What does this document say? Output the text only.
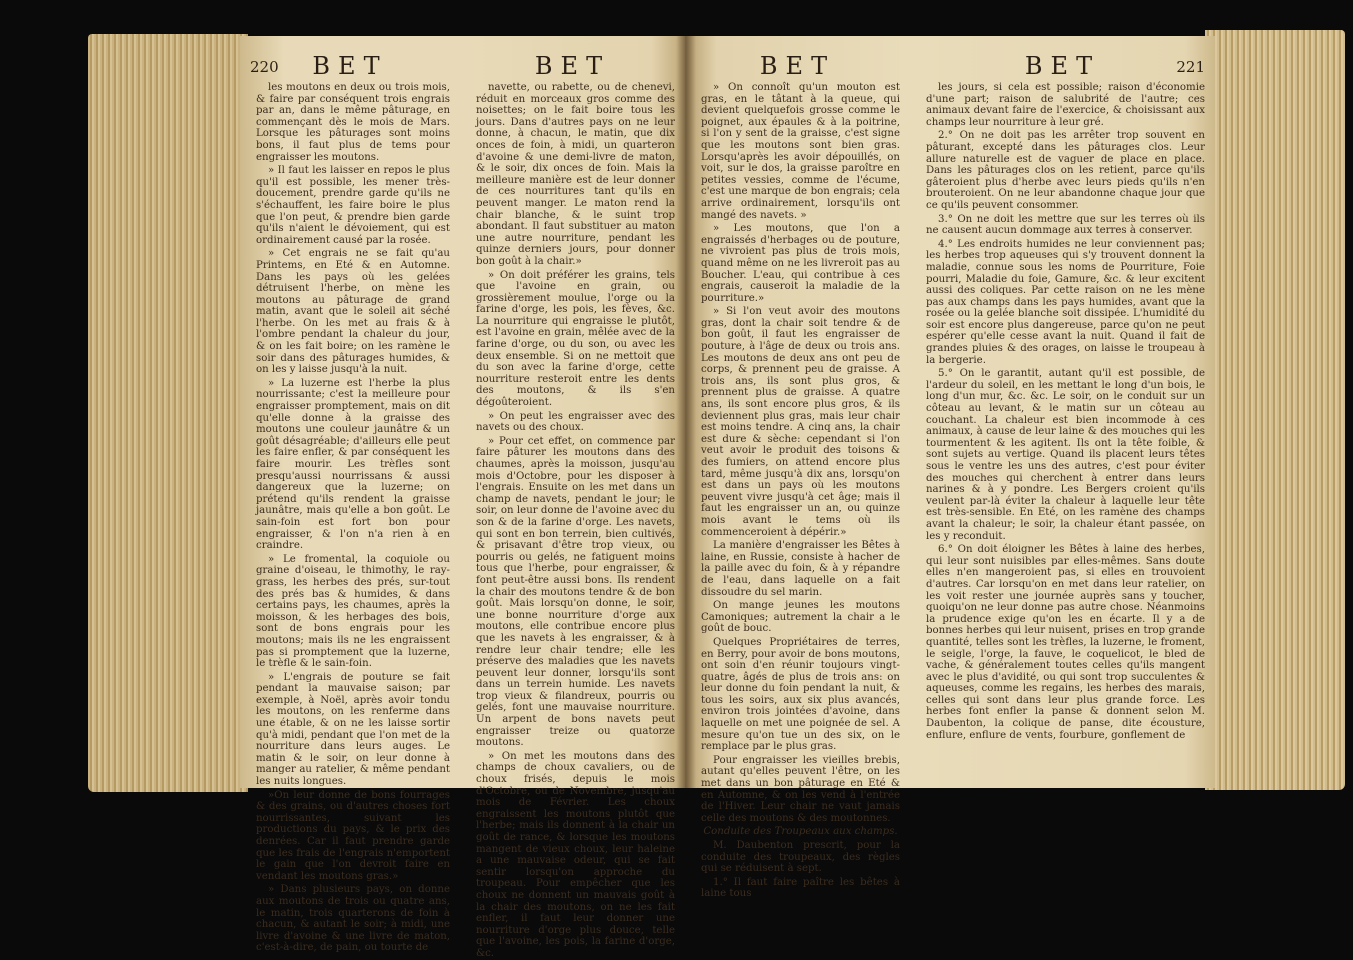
220	BET

les moutons en deux ou trois mois, & faire par conséquent trois engrais par an, dans le même pâturage, en commençant dès le mois de Mars. Lorsque les pâturages sont moins bons, il faut plus de tems pour engraisser les moutons.

» Il faut les laisser en repos le plus qu'il est possible, les mener très-doucement, prendre garde qu'ils ne s'échauffent, les faire boire le plus que l'on peut, & prendre bien garde qu'ils n'aient le dévoiement, qui est ordinairement causé par la rosée.

» Cet engrais ne se fait qu'au Printems, en Eté & en Automne. Dans les pays où les gelées détruisent l'herbe, on mène les moutons au pâturage de grand matin, avant que le soleil ait séché l'herbe. On les met au frais & à l'ombre pendant la chaleur du jour, & on les fait boire; on les ramène le soir dans des pâturages humides, & on les y laisse jusqu'à la nuit.

» La luzerne est l'herbe la plus nourrissante; c'est la meilleure pour engraisser promptement, mais on dit qu'elle donne à la graisse des moutons une couleur jaunâtre & un goût désagréable; d'ailleurs elle peut les faire enfler, & par conséquent les faire mourir. Les trèfles sont presqu'aussi nourrissans & aussi dangereux que la luzerne; on prétend qu'ils rendent la graisse jaunâtre, mais qu'elle a bon goût. Le sain-foin est fort bon pour engraisser, & l'on n'a rien à en craindre.

» Le fromental, la coquiole ou graine d'oiseau, le thimothy, le ray-grass, les herbes des prés, sur-tout des prés bas & humides, & dans certains pays, les chaumes, après la moisson, & les herbages des bois, sont de bons engrais pour les moutons; mais ils ne les engraissent pas si promptement que la luzerne, le trèfle & le sain-foin.

» L'engrais de pouture se fait pendant la mauvaise saison; par exemple, à Noël, après avoir tondu les moutons, on les renferme dans une étable, & on ne les laisse sortir qu'à midi, pendant que l'on met de la nourriture dans leurs auges. Le matin & le soir, on leur donne à manger au ratelier, & même pendant les nuits longues.

»On leur donne de bons fourrages & des grains, ou d'autres choses fort nourrissantes, suivant les productions du pays, & le prix des denrées. Car il faut prendre garde que les frais de l'engrais n'emportent le gain que l'on devroit faire en vendant les moutons gras.»

» Dans plusieurs pays, on donne aux moutons de trois ou quatre ans, le matin, trois quarterons de foin à chacun, & autant le soir; à midi, une livre d'avoine & une livre de maton, c'est-à-dire, de pain, ou tourte de

BET

navette, ou rabette, ou de chenevi, réduit en morceaux gros comme des noisettes; on le fait boire tous les jours. Dans d'autres pays on ne leur donne, à chacun, le matin, que dix onces de foin, à midi, un quarteron d'avoine & une demi-livre de maton, & le soir, dix onces de foin. Mais la meilleure manière est de leur donner de ces nourritures tant qu'ils en peuvent manger. Le maton rend la chair blanche, & le suint trop abondant. Il faut substituer au maton une autre nourriture, pendant les quinze derniers jours, pour donner bon goût à la chair.»

» On doit préférer les grains, tels que l'avoine en grain, ou grossièrement moulue, l'orge ou la farine d'orge, les pois, les fèves, &c. La nourriture qui engraisse le plutôt, est l'avoine en grain, mêlée avec de la farine d'orge, ou du son, ou avec les deux ensemble. Si on ne mettoit que du son avec la farine d'orge, cette nourriture resteroit entre les dents des moutons, & ils s'en dégoûteroient.

» On peut les engraisser avec des navets ou des choux.

» Pour cet effet, on commence par faire pâturer les moutons dans des chaumes, après la moisson, jusqu'au mois d'Octobre, pour les disposer à l'engrais. Ensuite on les met dans un champ de navets, pendant le jour; le soir, on leur donne de l'avoine avec du son & de la farine d'orge. Les navets, qui sont en bon terrein, bien cultivés, & prisavant d'être trop vieux, ou pourris ou gelés, ne fatiguent moins tous que l'herbe, pour engraisser, & font peut-être aussi bons. Ils rendent la chair des moutons tendre & de bon goût. Mais lorsqu'on donne, le soir, une bonne nourriture d'orge aux moutons, elle contribue encore plus que les navets à les engraisser, & à rendre leur chair tendre; elle les préserve des maladies que les navets peuvent leur donner, lorsqu'ils sont dans un terrein humide. Les navets trop vieux & filandreux, pourris ou gelés, font une mauvaise nourriture. Un arpent de bons navets peut engraisser treize ou quatorze moutons.

» On met les moutons dans des champs de choux cavaliers, ou de choux frisés, depuis le mois d'Octobre, ou de Novembre, jusqu'au mois de Février. Les choux engraissent les moutons plutôt que l'herbe; mais ils donnent à la chair un goût de rance, & lorsque les moutons mangent de vieux choux, leur haleine a une mauvaise odeur, qui se fait sentir lorsqu'on approche du troupeau. Pour empêcher que les choux ne donnent un mauvais goût à la chair des moutons, on ne les fait enfler, il faut leur donner une nourriture d'orge plus douce, telle que l'avoine, les pois, la farine d'orge, &c.

BET

» On connoît qu'un mouton est gras, en le tâtant à la queue, qui devient quelquefois grosse comme le poignet, aux épaules & à la poitrine, si l'on y sent de la graisse, c'est signe que les moutons sont bien gras. Lorsqu'après les avoir dépouillés, on voit, sur le dos, la graisse paroître en petites vessies, comme de l'écume, c'est une marque de bon engrais; cela arrive ordinairement, lorsqu'ils ont mangé des navets. »

» Les moutons, que l'on a engraissés d'herbages ou de pouture, ne vivroient pas plus de trois mois, quand même on ne les livreroit pas au Boucher. L'eau, qui contribue à ces engrais, causeroit la maladie de la pourriture.»

» Si l'on veut avoir des moutons gras, dont la chair soit tendre & de bon goût, il faut les engraisser de pouture, à l'âge de deux ou trois ans. Les moutons de deux ans ont peu de corps, & prennent peu de graisse. A trois ans, ils sont plus gros, & prennent plus de graisse. A quatre ans, ils sont encore plus gros, & ils deviennent plus gras, mais leur chair est moins tendre. A cinq ans, la chair est dure & sèche: cependant si l'on veut avoir le produit des toisons & des fumiers, on attend encore plus tard, même jusqu'à dix ans, lorsqu'on est dans un pays où les moutons peuvent vivre jusqu'à cet âge; mais il faut les engraisser un an, ou quinze mois avant le tems où ils commenceroient à dépérir.»

La manière d'engraisser les Bêtes à laine, en Russie, consiste à hacher de la paille avec du foin, & à y répandre de l'eau, dans laquelle on a fait dissoudre du sel marin.

On mange jeunes les moutons Camoniques; autrement la chair a le goût de bouc.

Quelques Propriétaires de terres, en Berry, pour avoir de bons moutons, ont soin d'en réunir toujours vingt-quatre, âgés de plus de trois ans: on leur donne du foin pendant la nuit, & tous les soirs, aux six plus avancés, environ trois jointées d'avoine, dans laquelle on met une poignée de sel. A mesure qu'on tue un des six, on le remplace par le plus gras.

Pour engraisser les vieilles brebis, autant qu'elles peuvent l'être, on les met dans un bon pâturage en Eté & en Automne, & on les vend à l'entrée de l'Hiver. Leur chair ne vaut jamais celle des moutons & des moutonnes.

Conduite des Troupeaux aux champs.

M. Daubenton prescrit, pour la conduite des troupeaux, des règles qui se réduisent à sept.

1.° Il faut faire paître les bêtes à laine tous

BET	221

les jours, si cela est possible; raison d'économie d'une part; raison de salubrité de l'autre; ces animaux devant faire de l'exercice, & choisissant aux champs leur nourriture à leur gré.

2.° On ne doit pas les arrêter trop souvent en pâturant, excepté dans les pâturages clos. Leur allure naturelle est de vaguer de place en place. Dans les pâturages clos on les retient, parce qu'ils gâteroient plus d'herbe avec leurs pieds qu'ils n'en brouteroient. On ne leur abandonne chaque jour que ce qu'ils peuvent consommer.

3.° On ne doit les mettre que sur les terres où ils ne causent aucun dommage aux terres à conserver.

4.° Les endroits humides ne leur conviennent pas; les herbes trop aqueuses qui s'y trouvent donnent la maladie, connue sous les noms de Pourriture, Foie pourri, Maladie du foie, Gamure, &c. & leur excitent aussi des coliques. Par cette raison on ne les mène pas aux champs dans les pays humides, avant que la rosée ou la gelée blanche soit dissipée. L'humidité du soir est encore plus dangereuse, parce qu'on ne peut espérer qu'elle cesse avant la nuit. Quand il fait de grandes pluies & des orages, on laisse le troupeau à la bergerie.

5.° On le garantit, autant qu'il est possible, de l'ardeur du soleil, en les mettant le long d'un bois, le long d'un mur, &c. &c. Le soir, on le conduit sur un côteau au levant, & le matin sur un côteau au couchant. La chaleur est bien incommode à ces animaux, à cause de leur laine & des mouches qui les tourmentent & les agitent. Ils ont la tête foible, & sont sujets au vertige. Quand ils placent leurs têtes sous le ventre les uns des autres, c'est pour éviter des mouches qui cherchent à entrer dans leurs narines & à y pondre. Les Bergers croient qu'ils veulent par-là éviter la chaleur à laquelle leur tête est très-sensible. En Eté, on les ramène des champs avant la chaleur; le soir, la chaleur étant passée, on les y reconduit.

6.° On doit éloigner les Bêtes à laine des herbes, qui leur sont nuisibles par elles-mêmes. Sans doute elles n'en mangeroient pas, si elles en trouvoient d'autres. Car lorsqu'on en met dans leur ratelier, on les voit rester une journée auprès sans y toucher, quoiqu'on ne leur donne pas autre chose. Néanmoins la prudence exige qu'on les en écarte. Il y a de bonnes herbes qui leur nuisent, prises en trop grande quantité, telles sont les trèfles, la luzerne, le froment, le seigle, l'orge, la fauve, le coquelicot, le bled de vache, & généralement toutes celles qu'ils mangent avec le plus d'avidité, ou qui sont trop succulentes & aqueuses, comme les regains, les herbes des marais, celles qui sont dans leur plus grande force. Les herbes font enfler la panse & donnent selon M. Daubenton, la colique de panse, dite écousture, enflure, enflure de vents, fourbure, gonflement de
